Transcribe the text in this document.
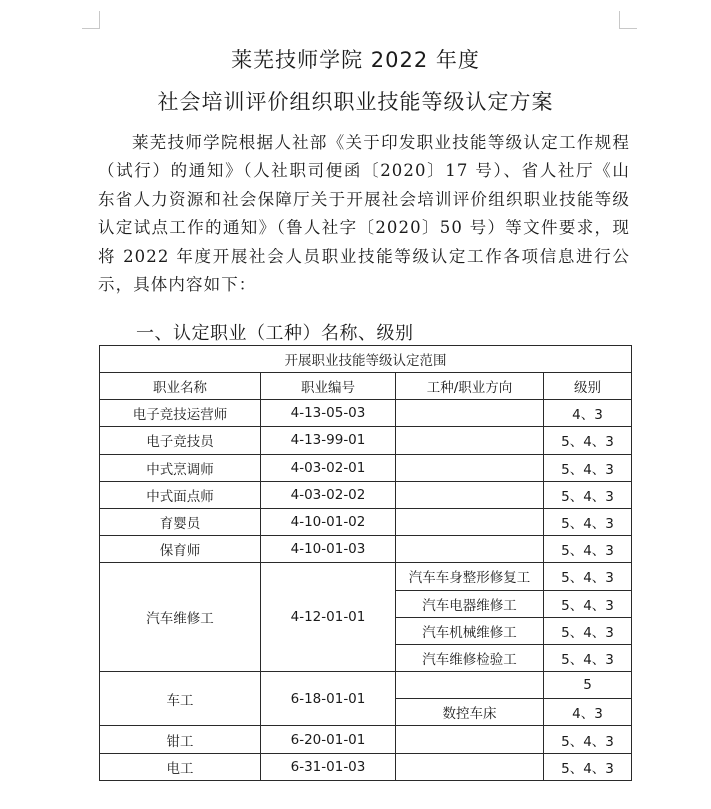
莱芜技师学院 2022 年度
社会培训评价组织职业技能等级认定方案

莱芜技师学院根据人社部《关于印发职业技能等级认定工作规程（试行）的通知》（人社职司便函〔2020〕17 号）、省人社厅《山东省人力资源和社会保障厅关于开展社会培训评价组织职业技能等级认定试点工作的通知》（鲁人社字〔2020〕50 号）等文件要求，现将 2022 年度开展社会人员职业技能等级认定工作各项信息进行公示，具体内容如下：

一、认定职业（工种）名称、级别
开展职业技能等级认定范围			
职业名称	职业编号	工种/职业方向	级别
电子竞技运营师	4-13-05-03		4、3
电子竞技员	4-13-99-01		5、4、3
中式烹调师	4-03-02-01		5、4、3
中式面点师	4-03-02-02		5、4、3
育婴员	4-10-01-02		5、4、3
保育师	4-10-01-03		5、4、3
汽车维修工	4-12-01-01	汽车车身整形修复工	5、4、3
		汽车电器维修工	5、4、3
		汽车机械维修工	5、4、3
		汽车维修检验工	5、4、3
车工	6-18-01-01		5
		数控车床	4、3
钳工	6-20-01-01		5、4、3
电工	6-31-01-03		5、4、3
